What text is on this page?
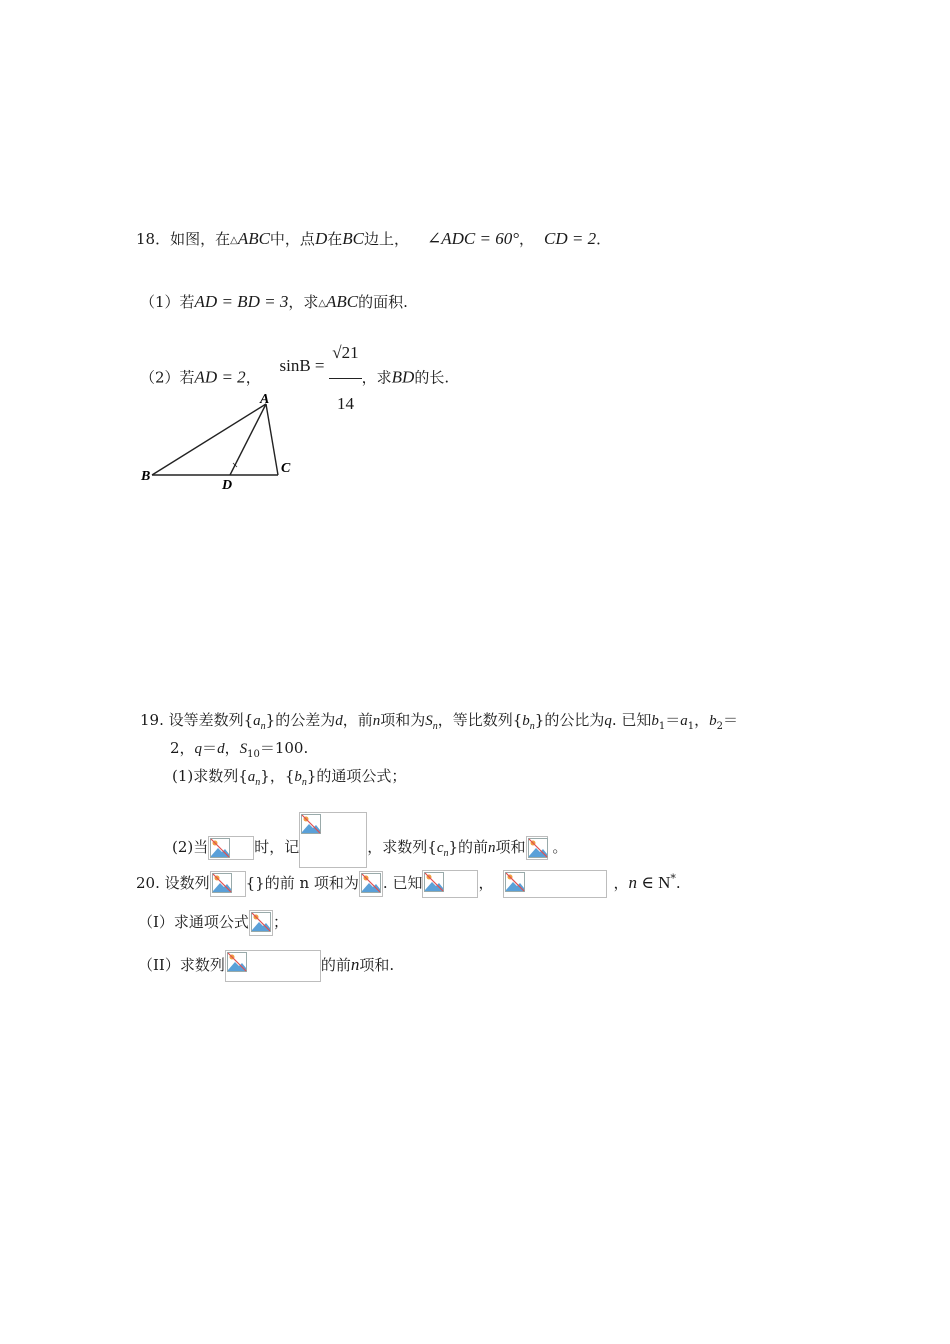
18．如图，在△ABC中，点D在BC边上， ∠ADC = 60°， CD = 2．
（1）若AD = BD = 3，求△ABC的面积.
（2）若AD = 2， $\sin B = \frac{√21}{14}$ ，求BD的长.
B
A
C
D
19. 设等差数列$\{a_n\}$的公差为d，前n项和为$S_n$，等比数列$\{b_n\}$的公比为q. 已知$b_1=a_1$，$b_2=$
2，q＝d，$S_{10}=100$.
(1)求数列$\{a_n\}$，$\{b_n\}$的通项公式；
(2)当	时，记	，求数列$\{c_n\}$的前n项和
。
20. 设数列 {}的前 n 项和为 . 已知	，	，n ∈ N*.
（I）求通项公式 ；
（II）求数列	的前n项和.
